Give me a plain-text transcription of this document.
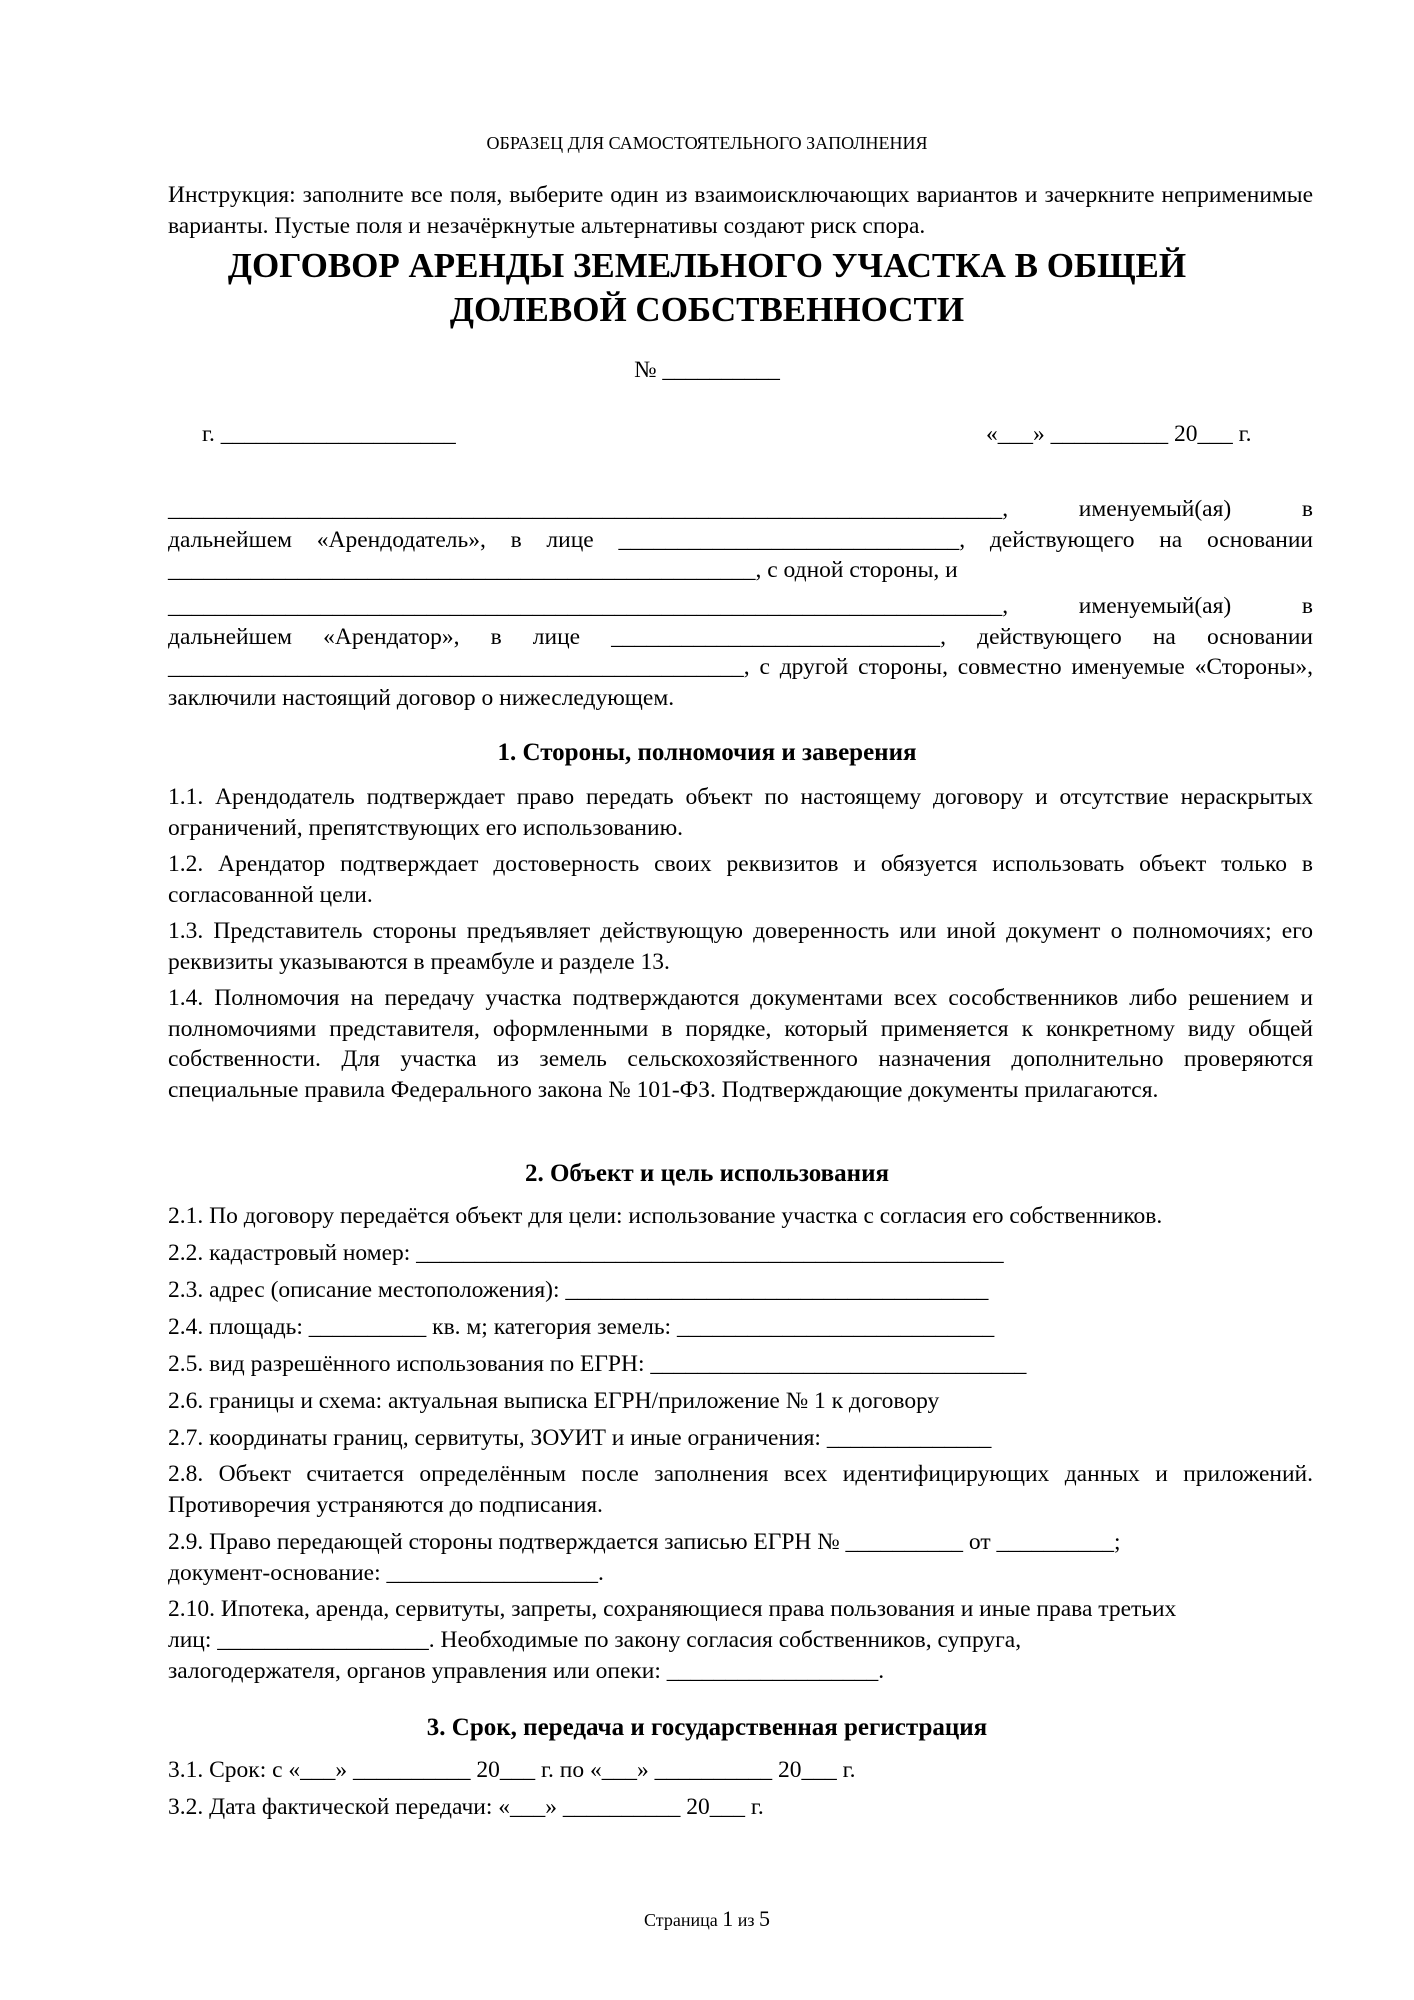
ОБРАЗЕЦ ДЛЯ САМОСТОЯТЕЛЬНОГО ЗАПОЛНЕНИЯ
Инструкция: заполните все поля, выберите один из взаимоисключающих вариантов и зачеркните неприменимые варианты. Пустые поля и незачёркнутые альтернативы создают риск спора.
ДОГОВОР АРЕНДЫ ЗЕМЕЛЬНОГО УЧАСТКА В ОБЩЕЙ
ДОЛЕВОЙ СОБСТВЕННОСТИ
№ __________
г. ____________________	«___» __________ 20___ г.
_______________________________________________________________________, именуемый(ая) в дальнейшем «Арендодатель», в лице _____________________________, действующего на основании __________________________________________________, с одной стороны, и
_______________________________________________________________________, именуемый(ая) в дальнейшем «Арендатор», в лице ____________________________, действующего на основании _________________________________________________, с другой стороны, совместно именуемые «Стороны», заключили настоящий договор о нижеследующем.
1. Стороны, полномочия и заверения
1.1. Арендодатель подтверждает право передать объект по настоящему договору и отсутствие нераскрытых ограничений, препятствующих его использованию.
1.2. Арендатор подтверждает достоверность своих реквизитов и обязуется использовать объект только в согласованной цели.
1.3. Представитель стороны предъявляет действующую доверенность или иной документ о полномочиях; его реквизиты указываются в преамбуле и разделе 13.
1.4. Полномочия на передачу участка подтверждаются документами всех сособственников либо решением и полномочиями представителя, оформленными в порядке, который применяется к конкретному виду общей собственности. Для участка из земель сельскохозяйственного назначения дополнительно проверяются специальные правила Федерального закона № 101-ФЗ. Подтверждающие документы прилагаются.
2. Объект и цель использования
2.1. По договору передаётся объект для цели: использование участка с согласия его собственников.
2.2. кадастровый номер: __________________________________________________
2.3. адрес (описание местоположения): ____________________________________
2.4. площадь: __________ кв. м; категория земель: ___________________________
2.5. вид разрешённого использования по ЕГРН: ________________________________
2.6. границы и схема: актуальная выписка ЕГРН/приложение № 1 к договору
2.7. координаты границ, сервитуты, ЗОУИТ и иные ограничения: ______________
2.8. Объект считается определённым после заполнения всех идентифицирующих данных и приложений. Противоречия устраняются до подписания.
2.9. Право передающей стороны подтверждается записью ЕГРН № __________ от __________;
документ-основание: __________________.
2.10. Ипотека, аренда, сервитуты, запреты, сохраняющиеся права пользования и иные права третьих
лиц: __________________. Необходимые по закону согласия собственников, супруга,
залогодержателя, органов управления или опеки: __________________.
3. Срок, передача и государственная регистрация
3.1. Срок: с «___» __________ 20___ г. по «___» __________ 20___ г.
3.2. Дата фактической передачи: «___» __________ 20___ г.
Страница 1 из 5
